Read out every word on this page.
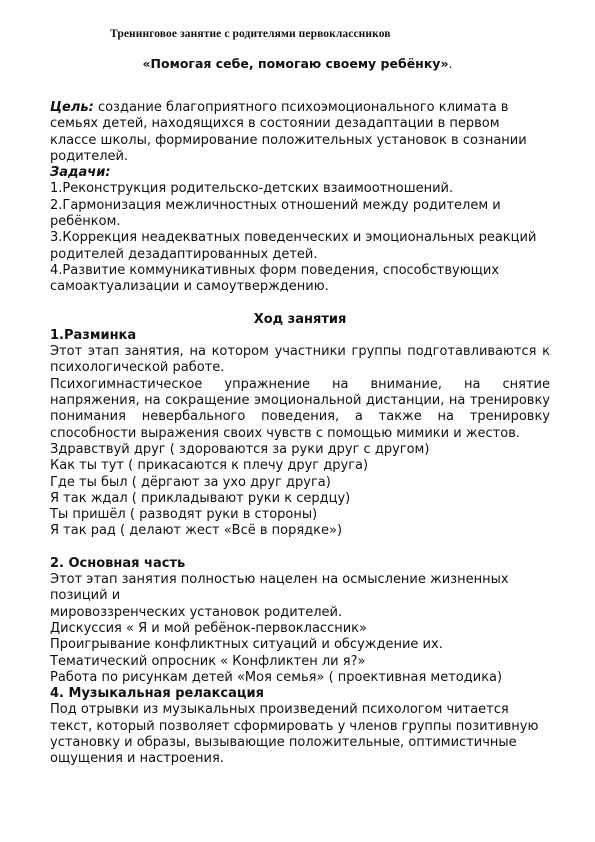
Тренинговое занятие с родителями первоклассников
«Помогая себе, помогаю своему ребёнку».

Цель: создание благоприятного психоэмоционального климата в семьях детей, находящихся в состоянии дезадаптации в первом классе школы, формирование положительных установок в сознании родителей.

Задачи:

1.Реконструкция родительско-детских взаимоотношений.

2.Гармонизация межличностных отношений между родителем и ребёнком.

3.Коррекция неадекватных поведенческих и эмоциональных реакций родителей дезадаптированных детей.

4.Развитие коммуникативных форм поведения, способствующих самоактуализации и самоутверждению.

Ход занятия

1.Разминка

Этот этап занятия, на котором участники группы подготавливаются к психологической работе.

Психогимнастическое упражнение на внимание, на снятие напряжения, на сокращение эмоциональной дистанции, на тренировку понимания невербального поведения, а также на тренировку способности выражения своих чувств с помощью мимики и жестов.

Здравствуй друг ( здороваются за руки друг с другом)

Как ты тут ( прикасаются к плечу друг друга)

Где ты был ( дёргают за ухо друг друга)

Я так ждал ( прикладывают руки к сердцу)

Ты пришёл ( разводят руки в стороны)

Я так рад ( делают жест «Всё в порядке»)

2. Основная часть

Этот этап занятия полностью нацелен на осмысление жизненных позиций и

мировоззренческих установок родителей.

Дискуссия « Я и мой ребёнок-первоклассник»

Проигрывание конфликтных ситуаций и обсуждение их.

Тематический опросник « Конфликтен ли я?»

Работа по рисункам детей «Моя семья» ( проективная методика)

4. Музыкальная релаксация

Под отрывки из музыкальных произведений психологом читается текст, который позволяет сформировать у членов группы позитивную установку и образы, вызывающие положительные, оптимистичные ощущения и настроения.
